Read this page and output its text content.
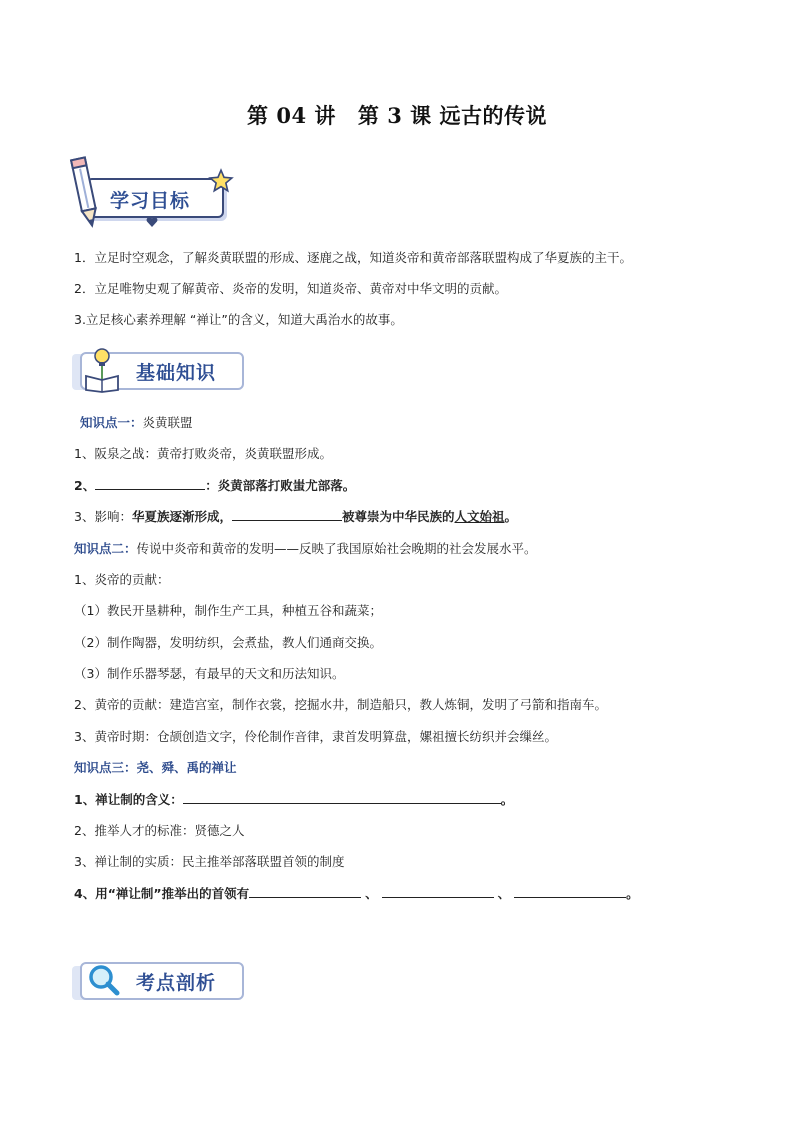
第 04 讲 第 3 课 远古的传说
学习目标
1．立足时空观念，了解炎黄联盟的形成、逐鹿之战，知道炎帝和黄帝部落联盟构成了华夏族的主干。
2．立足唯物史观了解黄帝、炎帝的发明，知道炎帝、黄帝对中华文明的贡献。
3.立足核心素养理解 “禅让”的含义，知道大禹治水的故事。
基础知识
知识点一：炎黄联盟
1、阪泉之战：黄帝打败炎帝，炎黄联盟形成。
2、	：炎黄部落打败蚩尤部落。
3、影响：华夏族逐渐形成，	被尊崇为中华民族的人文始祖。
知识点二：传说中炎帝和黄帝的发明——反映了我国原始社会晚期的社会发展水平。
1、炎帝的贡献：
（1）教民开垦耕种，制作生产工具，种植五谷和蔬菜；
（2）制作陶器，发明纺织，会煮盐，教人们通商交换。
（3）制作乐器琴瑟，有最早的天文和历法知识。
2、黄帝的贡献：建造宫室，制作衣裳，挖掘水井，制造船只，教人炼铜，发明了弓箭和指南车。
3、黄帝时期：仓颉创造文字，伶伦制作音律，隶首发明算盘，嫘祖擅长纺织并会缫丝。
知识点三：尧、舜、禹的禅让
1、禅让制的含义：	。
2、推举人才的标准：贤德之人
3、禅让制的实质：民主推举部落联盟首领的制度
4、用“禅让制”推举出的首领有	、	、	。
考点剖析
